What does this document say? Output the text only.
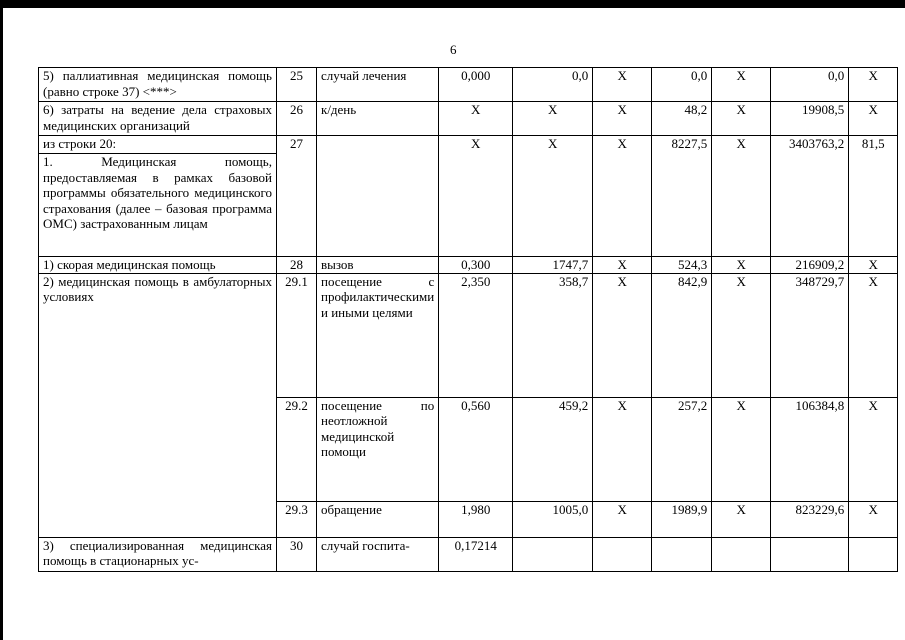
6
5) паллиативная медицинская помощь (равно строке 37) <***>	25	случай лечения	0,000	0,0	X	0,0	X	0,0	X
6) затраты на ведение дела страховых медицинских организаций	26	к/день	X	X	X	48,2	X	19908,5	X
из строки 20:	27		X	X	X	8227,5	X	3403763,2	81,5
1. Медицинская помощь, предоставляемая в рамках базовой программы обязательного медицинского страхования (далее – базовая программа ОМС) застрахованным лицам									
1) скорая медицинская помощь	28	вызов	0,300	1747,7	X	524,3	X	216909,2	X
2) медицинская помощь в амбулаторных условиях	29.1	посещение с профилактическими и иными целями	2,350	358,7	X	842,9	X	348729,7	X
	29.2	посещение по неотложной медицинской помощи	0,560	459,2	X	257,2	X	106384,8	X
	29.3	обращение	1,980	1005,0	X	1989,9	X	823229,6	X
3) специализированная медицинская помощь в стационарных ус-	30	случай госпита-	0,17214						
